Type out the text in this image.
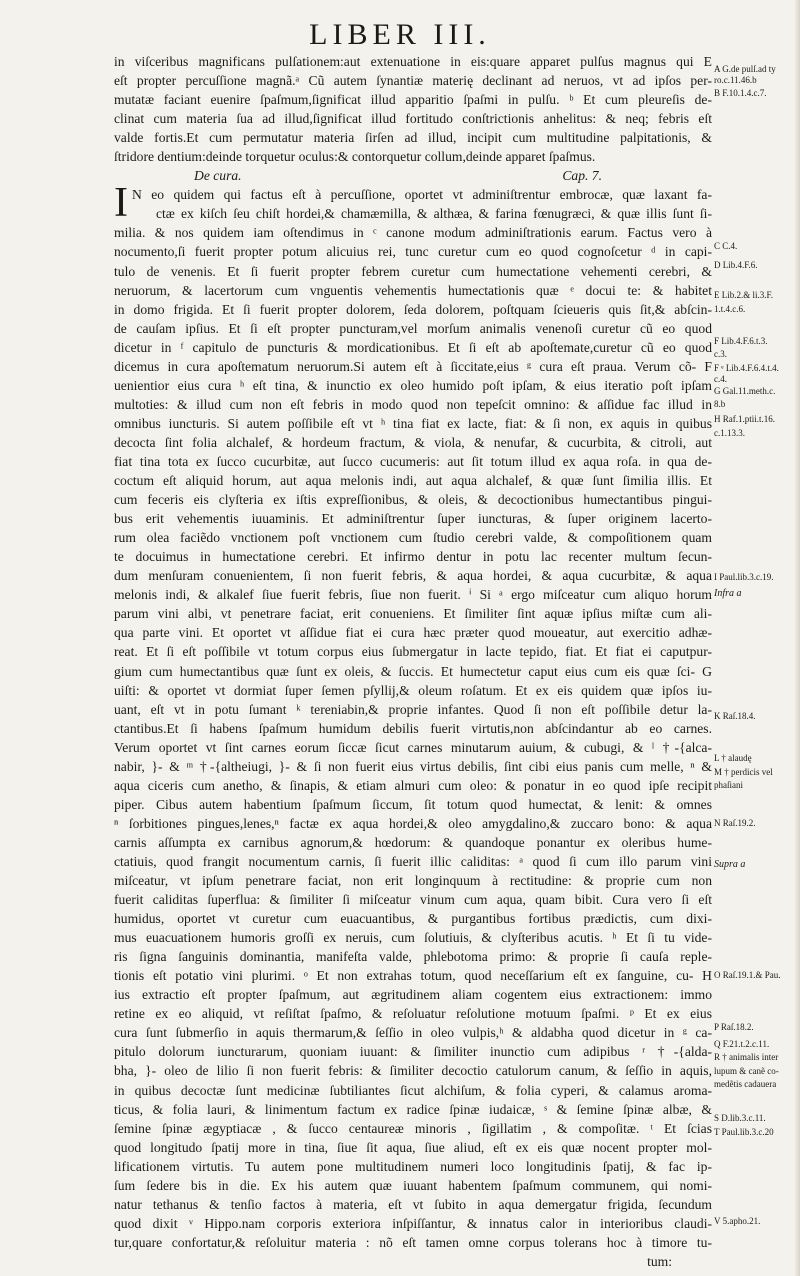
LIBER III.
in viſceribus magnificans pulſationem:aut extenuatione in eis:quare apparet pulſus magnus qui E
eſt propter percuſſione magnã.ᵃ Cũ autem ſynantiæ materię declinant ad neruos, vt ad ipſos per-
mutatæ faciant euenire ſpaſmum,ſignificat illud apparitio ſpaſmi in pulſu. ᵇ Et cum pleureſis de-
clinat cum materia ſua ad illud,ſignificat illud fortitudo conſtrictionis anhelitus: & neq; febris eſt
valde fortis.Et cum permutatur materia ſirſen ad illud, incipit cum multitudine palpitationis, &
ſtridore dentium:deinde torquetur oculus:& contorquetur collum,deinde apparet ſpaſmus.
De cura.	Cap. 7.
I N eo quidem qui factus eſt à percuſſione, oportet vt adminiſtrentur embrocæ, quæ laxant fa-
ctæ ex kiſch ſeu chiſt hordei,& chamæmilla, & althæa, & farina fœnugræci, & quæ illis ſunt ſi-
milia. & nos quidem iam oſtendimus in ᶜ canone modum adminiſtrationis earum. Factus vero à
nocumento,ſi fuerit propter potum alicuius rei, tunc curetur cum eo quod cognoſcetur ᵈ in capi-
tulo de venenis. Et ſi fuerit propter febrem curetur cum humectatione vehementi cerebri, &
neruorum, & lacertorum cum vnguentis vehementis humectationis quæ ᵉ docui te: & habitet
in domo frigida. Et ſi fuerit propter dolorem, ſeda dolorem, poſtquam ſcieueris quis ſit,& abſcin-
de cauſam ipſius. Et ſi eſt propter puncturam,vel morſum animalis venenoſi curetur cũ eo quod
dicetur in ᶠ capitulo de puncturis & mordicationibus. Et ſi eſt ab apoſtemate,curetur cũ eo quod
dicemus in cura apoſtematum neruorum.Si autem eſt à ſiccitate,eius ᵍ cura eſt praua. Verum cõ- F
uenientior eius cura ʰ eſt tina, & inunctio ex oleo humido poſt ipſam, & eius iteratio poſt ipſam
multoties: & illud cum non eſt febris in modo quod non tepeſcit omnino: & aſſidue fac illud in
omnibus iuncturis. Si autem poſſibile eſt vt ʰ tina fiat ex lacte, fiat: & ſi non, ex aquis in quibus
decocta ſint folia alchalef, & hordeum fractum, & viola, & nenufar, & cucurbita, & citroli, aut
fiat tina tota ex ſucco cucurbitæ, aut ſucco cucumeris: aut ſit totum illud ex aqua roſa. in qua de-
coctum eſt aliquid horum, aut aqua melonis indi, aut aqua alchalef, & quæ ſunt ſimilia illis. Et
cum feceris eis clyſteria ex iſtis expreſſionibus, & oleis, & decoctionibus humectantibus pingui-
bus erit vehementis iuuaminis. Et adminiſtrentur ſuper iuncturas, & ſuper originem lacerto-
rum olea faciẽdo vnctionem poſt vnctionem cum ſtudio cerebri valde, & compoſitionem quam
te docuimus in humectatione cerebri. Et infirmo dentur in potu lac recenter multum ſecun-
dum menſuram conuenientem, ſi non fuerit febris, & aqua hordei, & aqua cucurbitæ, & aqua
melonis indi, & alkalef ſiue fuerit febris, ſiue non fuerit. ⁱ Si ᵃ ergo miſceatur cum aliquo horum
parum vini albi, vt penetrare faciat, erit conueniens. Et ſimiliter ſint aquæ ipſius miſtæ cum ali-
qua parte vini. Et oportet vt aſſidue fiat ei cura hæc præter quod moueatur, aut exercitio adhæ-
reat. Et ſi eſt poſſibile vt totum corpus eius ſubmergatur in lacte tepido, fiat. Et fiat ei caputpur-
gium cum humectantibus quæ ſunt ex oleis, & ſuccis. Et humectetur caput eius cum eis quæ ſci- G
uiſti: & oportet vt dormiat ſuper ſemen pſyllij,& oleum roſatum. Et ex eis quidem quæ ipſos iu-
uant, eſt vt in potu ſumant ᵏ tereniabin,& proprie infantes. Quod ſi non eſt poſſibile detur la-
ctantibus.Et ſi habens ſpaſmum humidum debilis fuerit virtutis,non abſcindantur ab eo carnes.
Verum oportet vt ſint carnes eorum ſiccæ ſicut carnes minutarum auium, & cubugi, & ˡ †-{alca-
nabir, }- & ᵐ †-{altheiugi, }- & ſi non fuerit eius virtus debilis, ſint cibi eius panis cum melle, ⁿ &
aqua ciceris cum anetho, & ſinapis, & etiam almuri cum oleo: & ponatur in eo quod ipſe recipit
piper. Cibus autem habentium ſpaſmum ſiccum, ſit totum quod humectat, & lenit: & omnes
ⁿ ſorbitiones pingues,lenes,ⁿ factæ ex aqua hordei,& oleo amygdalino,& zuccaro bono: & aqua
carnis aſſumpta ex carnibus agnorum,& hœdorum: & quandoque ponantur ex oleribus hume-
ctatiuis, quod frangit nocumentum carnis, ſi fuerit illic caliditas: ᵃ quod ſi cum illo parum vini
miſceatur, vt ipſum penetrare faciat, non erit longinquum à rectitudine: & proprie cum non
fuerit caliditas ſuperflua: & ſimiliter ſi miſceatur vinum cum aqua, quam bibit. Cura vero ſi eſt
humidus, oportet vt curetur cum euacuantibus, & purgantibus fortibus prædictis, cum dixi-
mus euacuationem humoris groſſi ex neruis, cum ſolutiuis, & clyſteribus acutis. ʰ Et ſi tu vide-
ris ſigna ſanguinis dominantia, manifeſta valde, phlebotoma primo: & proprie ſi cauſa reple-
tionis eſt potatio vini plurimi. ᵒ Et non extrahas totum, quod neceſſarium eſt ex ſanguine, cu- H
ius extractio eſt propter ſpaſmum, aut ægritudinem aliam cogentem eius extractionem: immo
retine ex eo aliquid, vt reſiſtat ſpaſmo, & reſoluatur reſolutione motuum ſpaſmi. ᵖ Et ex eius
cura ſunt ſubmerſio in aquis thermarum,& ſeſſio in oleo vulpis,ʰ & aldabha quod dicetur in ᵍ ca-
pitulo dolorum iuncturarum, quoniam iuuant: & ſimiliter inunctio cum adipibus ʳ †-{alda-
bha, }- oleo de lilio ſi non fuerit febris: & ſimiliter decoctio catulorum canum, & ſeſſio in aquis,
in quibus decoctæ ſunt medicinæ ſubtiliantes ſicut alchiſum, & folia cyperi, & calamus aroma-
ticus, & folia lauri, & linimentum factum ex radice ſpinæ iudaicæ, ˢ & ſemine ſpinæ albæ, &
ſemine ſpinæ ægyptiacæ , & ſucco centaureæ minoris , ſigillatim , & compoſitæ. ᵗ Et ſcias
quod longitudo ſpatij more in tina, ſiue ſit aqua, ſiue aliud, eſt ex eis quæ nocent propter mol-
lificationem virtutis. Tu autem pone multitudinem numeri loco longitudinis ſpatij, & fac ip-
ſum ſedere bis in die. Ex his autem quæ iuuant habentem ſpaſmum communem, qui nomi-
natur tethanus & tenſio factos à materia, eſt vt ſubito in aqua demergatur frigida, ſecundum
quod dixit ᵛ Hippo.nam corporis exteriora inſpiſſantur, & innatus calor in interioribus claudi-
tur,quare confortatur,& reſoluitur materia : nõ eſt tamen omne corpus tolerans hoc à timore tu-
tum:
A G.de pulſ.ad ty
ro.c.11.46.b
B F.10.1.4.c.7.
C C.4.
D Lib.4.F.6.
E Lib.2.& li.3.F.
1.t.4.c.6.
F Lib.4.F.6.t.3.
c.3.
F ᵉ Lib.4.F.6.4.t.4.
c.4.
G Gal.11.meth.c.
8.b
H Raf.1.ptii.t.16.
c.1.13.3.
I Paul.lib.3.c.19.
Infra a
K Raſ.18.4.
L † alaudę
M † perdicis vel
phaſiani
N Raſ.19.2.
Supra a
O Raſ.19.1.& Pau.
P Raſ.18.2.
Q F.21.t.2.c.11.
R † animalis inter
lupum & canẽ co-
medẽtis cadauera
S D.lib.3.c.11.
T Paul.lib.3.c.20
V 5.apho.21.
